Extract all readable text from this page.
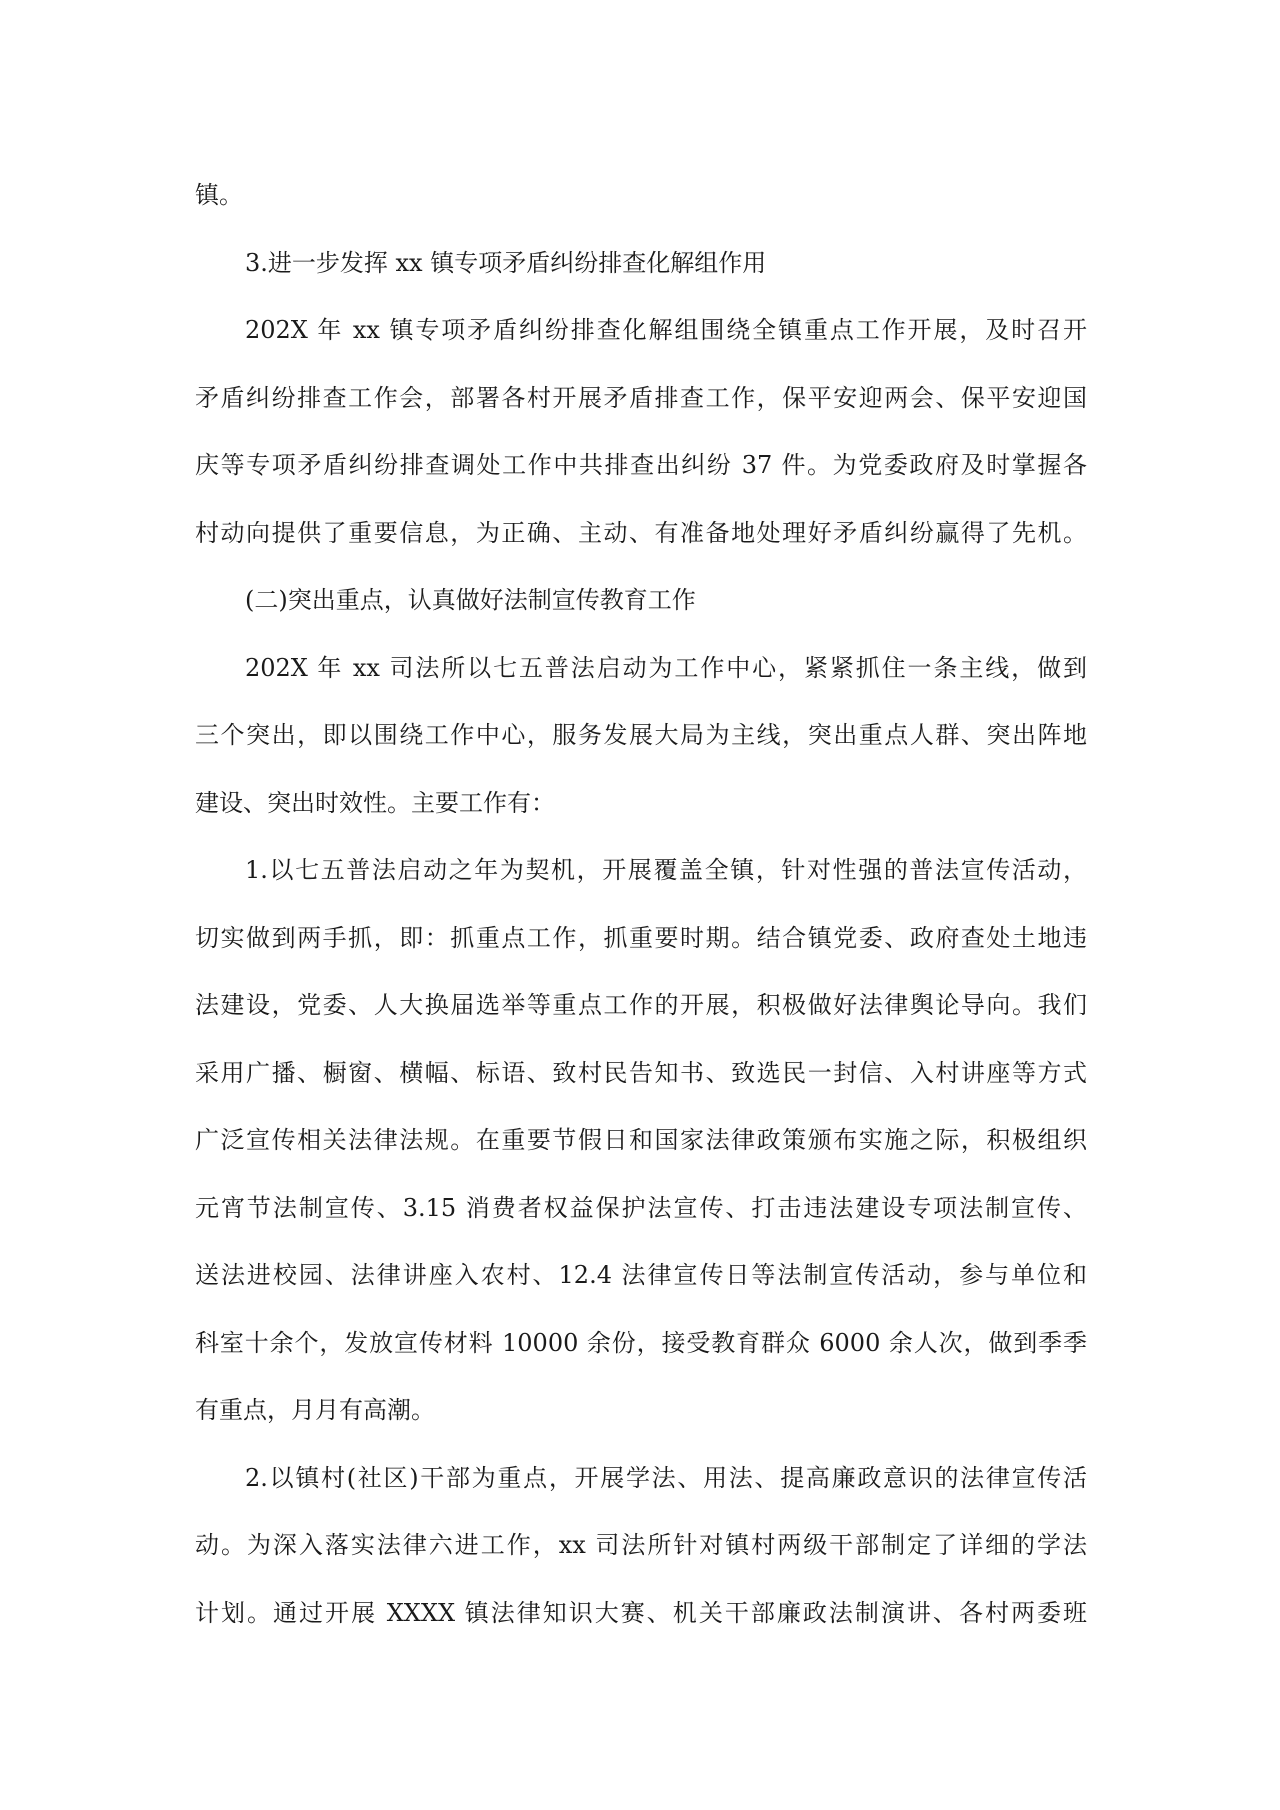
镇。
3.进一步发挥 xx 镇专项矛盾纠纷排查化解组作用
202X 年 xx 镇专项矛盾纠纷排查化解组围绕全镇重点工作开展，及时召开
矛盾纠纷排查工作会，部署各村开展矛盾排查工作，保平安迎两会、保平安迎国
庆等专项矛盾纠纷排查调处工作中共排查出纠纷 37 件。为党委政府及时掌握各
村动向提供了重要信息，为正确、主动、有准备地处理好矛盾纠纷赢得了先机。
(二)突出重点，认真做好法制宣传教育工作
202X 年 xx 司法所以七五普法启动为工作中心，紧紧抓住一条主线，做到
三个突出，即以围绕工作中心，服务发展大局为主线，突出重点人群、突出阵地
建设、突出时效性。主要工作有：
1.以七五普法启动之年为契机，开展覆盖全镇，针对性强的普法宣传活动，
切实做到两手抓，即：抓重点工作，抓重要时期。结合镇党委、政府查处土地违
法建设，党委、人大换届选举等重点工作的开展，积极做好法律舆论导向。我们
采用广播、橱窗、横幅、标语、致村民告知书、致选民一封信、入村讲座等方式
广泛宣传相关法律法规。在重要节假日和国家法律政策颁布实施之际，积极组织
元宵节法制宣传、3.15 消费者权益保护法宣传、打击违法建设专项法制宣传、
送法进校园、法律讲座入农村、12.4 法律宣传日等法制宣传活动，参与单位和
科室十余个，发放宣传材料 10000 余份，接受教育群众 6000 余人次，做到季季
有重点，月月有高潮。
2.以镇村(社区)干部为重点，开展学法、用法、提高廉政意识的法律宣传活
动。为深入落实法律六进工作，xx 司法所针对镇村两级干部制定了详细的学法
计划。通过开展 XXXX 镇法律知识大赛、机关干部廉政法制演讲、各村两委班
